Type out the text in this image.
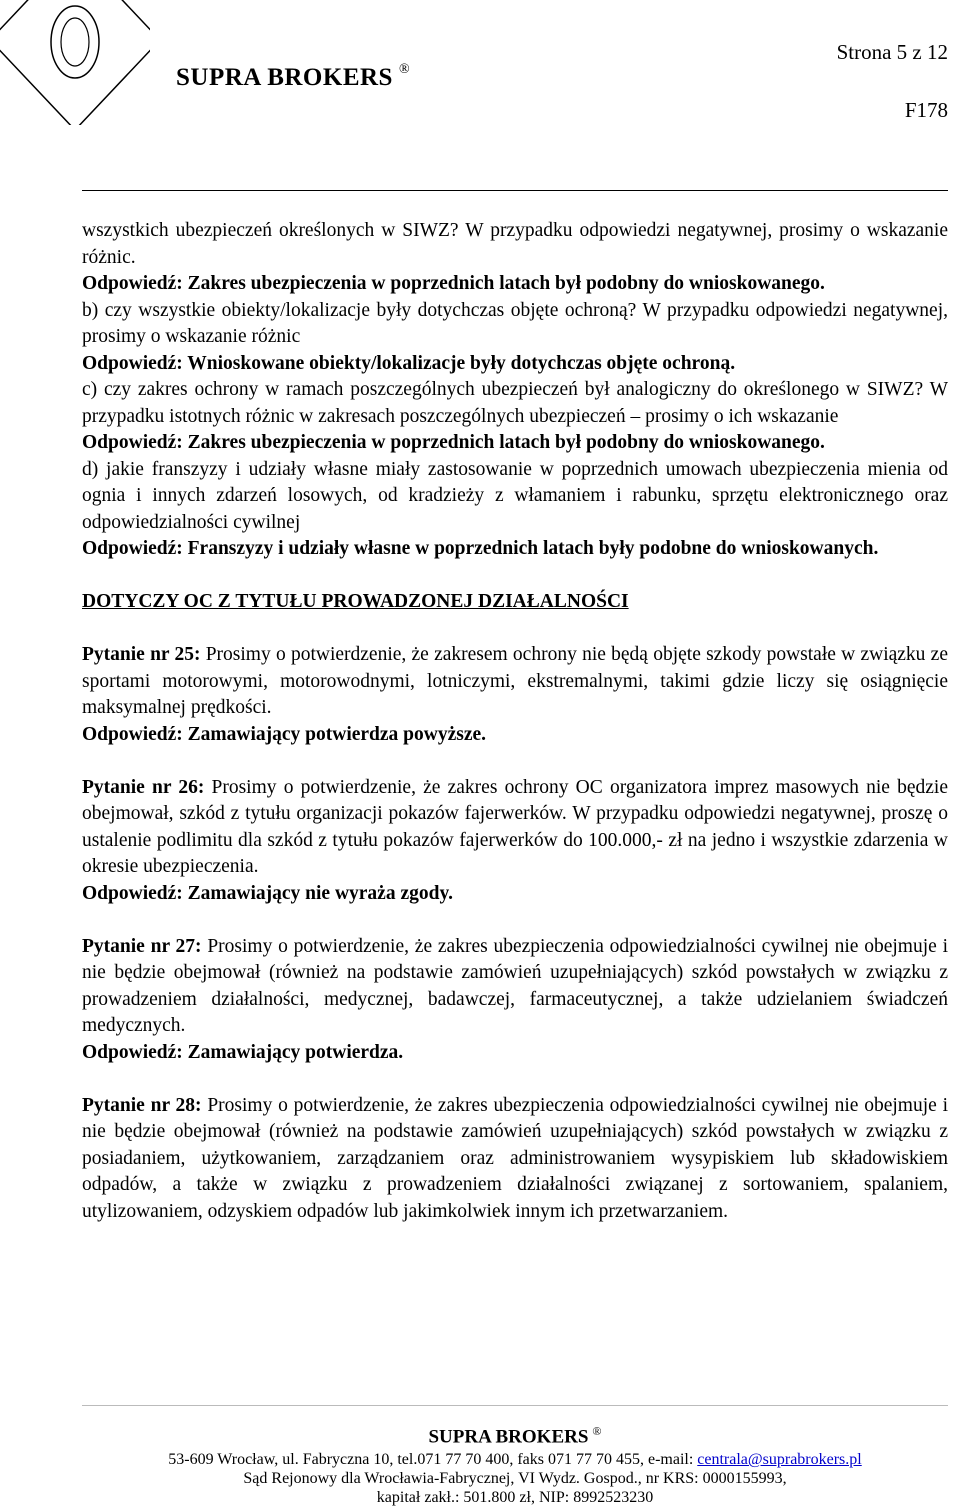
SUPRA BROKERS ®
Strona 5 z 12
F178

wszystkich ubezpieczeń określonych w SIWZ? W przypadku odpowiedzi negatywnej, prosimy o wskazanie różnic.

Odpowiedź: Zakres ubezpieczenia w poprzednich latach był podobny do wnioskowanego.

b) czy wszystkie obiekty/lokalizacje były dotychczas objęte ochroną? W przypadku odpowiedzi negatywnej, prosimy o wskazanie różnic

Odpowiedź: Wnioskowane obiekty/lokalizacje były dotychczas objęte ochroną.

c) czy zakres ochrony w ramach poszczególnych ubezpieczeń był analogiczny do określonego w SIWZ? W przypadku istotnych różnic w zakresach poszczególnych ubezpieczeń – prosimy o ich wskazanie

Odpowiedź: Zakres ubezpieczenia w poprzednich latach był podobny do wnioskowanego.

d) jakie franszyzy i udziały własne miały zastosowanie w poprzednich umowach ubezpieczenia mienia od ognia i innych zdarzeń losowych, od kradzieży z włamaniem i rabunku, sprzętu elektronicznego oraz odpowiedzialności cywilnej

Odpowiedź: Franszyzy i udziały własne w poprzednich latach były podobne do wnioskowanych.

DOTYCZY OC Z TYTUŁU PROWADZONEJ DZIAŁALNOŚCI

Pytanie nr 25: Prosimy o potwierdzenie, że zakresem ochrony nie będą objęte szkody powstałe w związku ze sportami motorowymi, motorowodnymi, lotniczymi, ekstremalnymi, takimi gdzie liczy się osiągnięcie maksymalnej prędkości.

Odpowiedź: Zamawiający potwierdza powyższe.

Pytanie nr 26: Prosimy o potwierdzenie, że zakres ochrony OC organizatora imprez masowych nie będzie obejmował, szkód z tytułu organizacji pokazów fajerwerków. W przypadku odpowiedzi negatywnej, proszę o ustalenie podlimitu dla szkód z tytułu pokazów fajerwerków do 100.000,- zł na jedno i wszystkie zdarzenia w okresie ubezpieczenia.

Odpowiedź: Zamawiający nie wyraża zgody.

Pytanie nr 27: Prosimy o potwierdzenie, że zakres ubezpieczenia odpowiedzialności cywilnej nie obejmuje i nie będzie obejmował (również na podstawie zamówień uzupełniających) szkód powstałych w związku z prowadzeniem działalności, medycznej, badawczej, farmaceutycznej, a także udzielaniem świadczeń medycznych.

Odpowiedź: Zamawiający potwierdza.

Pytanie nr 28: Prosimy o potwierdzenie, że zakres ubezpieczenia odpowiedzialności cywilnej nie obejmuje i nie będzie obejmował (również na podstawie zamówień uzupełniających) szkód powstałych w związku z posiadaniem, użytkowaniem, zarządzaniem oraz administrowaniem wysypiskiem lub składowiskiem odpadów, a także w związku z prowadzeniem działalności związanej z sortowaniem, spalaniem, utylizowaniem, odzyskiem odpadów lub jakimkolwiek innym ich przetwarzaniem.

SUPRA BROKERS ®
53-609 Wrocław, ul. Fabryczna 10, tel.071 77 70 400, faks 071 77 70 455, e-mail: centrala@suprabrokers.pl
Sąd Rejonowy dla Wrocławia-Fabrycznej, VI Wydz. Gospod., nr KRS: 0000155993,
kapitał zakł.: 501.800 zł, NIP: 8992523230
